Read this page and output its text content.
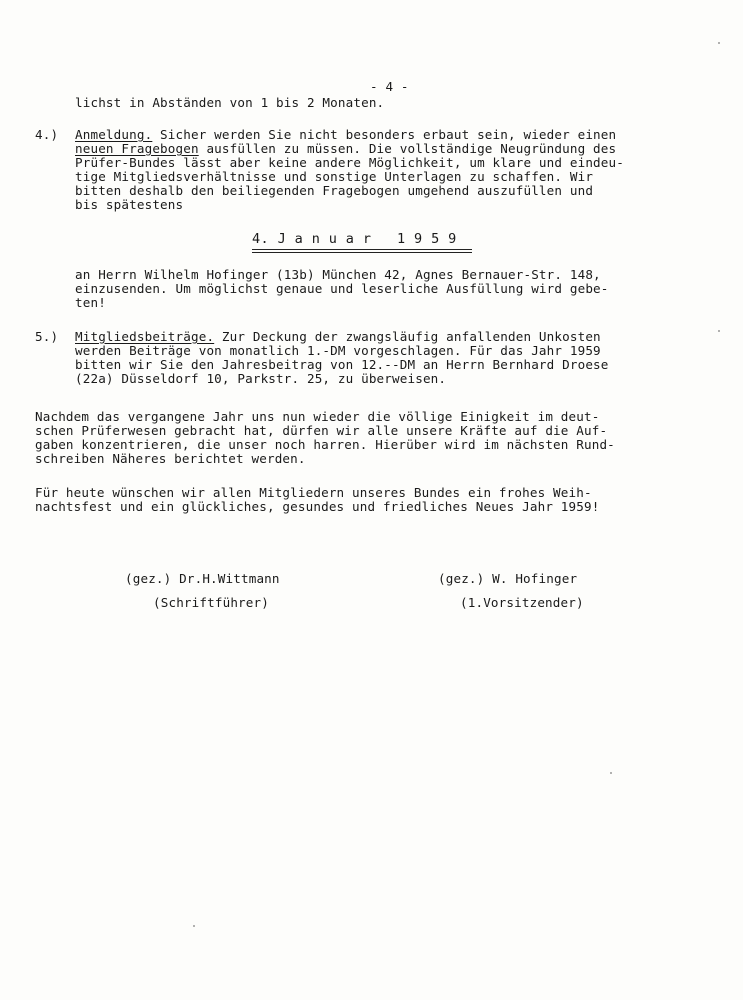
- 4 -
lichst in Abständen von 1 bis 2 Monaten.
4.) Anmeldung. Sicher werden Sie nicht besonders erbaut sein, wieder einen
neuen Fragebogen ausfüllen zu müssen. Die vollständige Neugründung des
Prüfer-Bundes lässt aber keine andere Möglichkeit, um klare und eindeu-
tige Mitgliedsverhältnisse und sonstige Unterlagen zu schaffen. Wir
bitten deshalb den beiliegenden Fragebogen umgehend auszufüllen und
bis spätestens
4. J a n u a r   1 9 5 9
an Herrn Wilhelm Hofinger (13b) München 42, Agnes Bernauer-Str. 148,
einzusenden. Um möglichst genaue und leserliche Ausfüllung wird gebe-
ten!
5.) Mitgliedsbeiträge. Zur Deckung der zwangsläufig anfallenden Unkosten
werden Beiträge von monatlich 1.-DM vorgeschlagen. Für das Jahr 1959
bitten wir Sie den Jahresbeitrag von 12.--DM an Herrn Bernhard Droese
(22a) Düsseldorf 10, Parkstr. 25, zu überweisen.
Nachdem das vergangene Jahr uns nun wieder die völlige Einigkeit im deut-
schen Prüferwesen gebracht hat, dürfen wir alle unsere Kräfte auf die Auf-
gaben konzentrieren, die unser noch harren. Hierüber wird im nächsten Rund-
schreiben Näheres berichtet werden.
Für heute wünschen wir allen Mitgliedern unseres Bundes ein frohes Weih-
nachtsfest und ein glückliches, gesundes und friedliches Neues Jahr 1959!
(gez.) Dr.H.Wittmann
(Schriftführer)
(gez.) W. Hofinger
(1.Vorsitzender)
